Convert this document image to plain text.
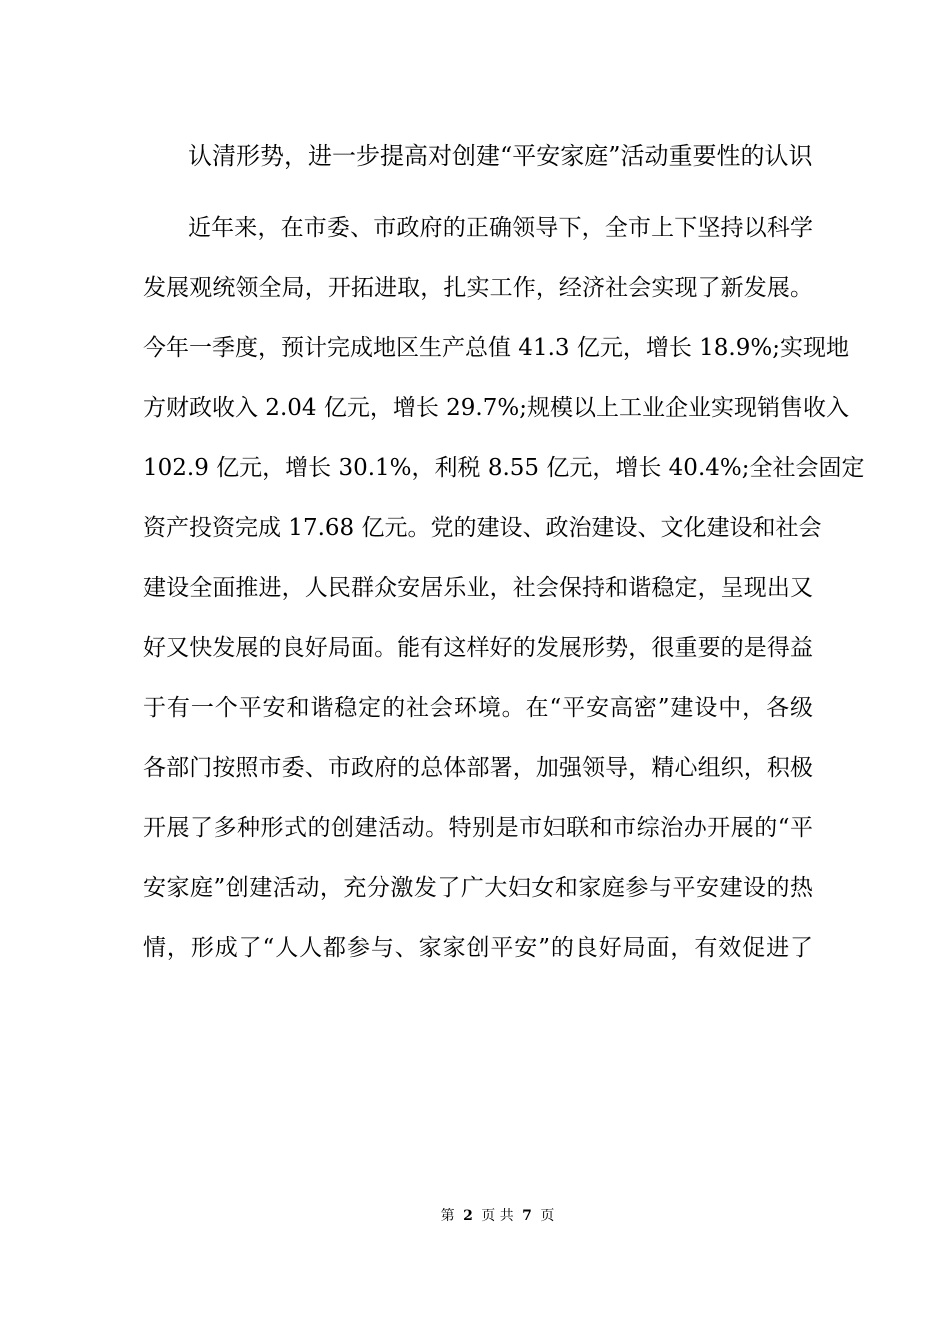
认清形势，进一步提高对创建“平安家庭”活动重要性的认识
近年来，在市委、市政府的正确领导下，全市上下坚持以科学
发展观统领全局，开拓进取，扎实工作，经济社会实现了新发展。
今年一季度，预计完成地区生产总值 41.3 亿元，增长 18.9%;实现地
方财政收入 2.04 亿元，增长 29.7%;规模以上工业企业实现销售收入
102.9 亿元，增长 30.1%，利税 8.55 亿元，增长 40.4%;全社会固定
资产投资完成 17.68 亿元。党的建设、政治建设、文化建设和社会
建设全面推进，人民群众安居乐业，社会保持和谐稳定，呈现出又
好又快发展的良好局面。能有这样好的发展形势，很重要的是得益
于有一个平安和谐稳定的社会环境。在“平安高密”建设中，各级
各部门按照市委、市政府的总体部署，加强领导，精心组织，积极
开展了多种形式的创建活动。特别是市妇联和市综治办开展的“平
安家庭”创建活动，充分激发了广大妇女和家庭参与平安建设的热
情，形成了“人人都参与、家家创平安”的良好局面，有效促进了
第 2 页 共 7 页
